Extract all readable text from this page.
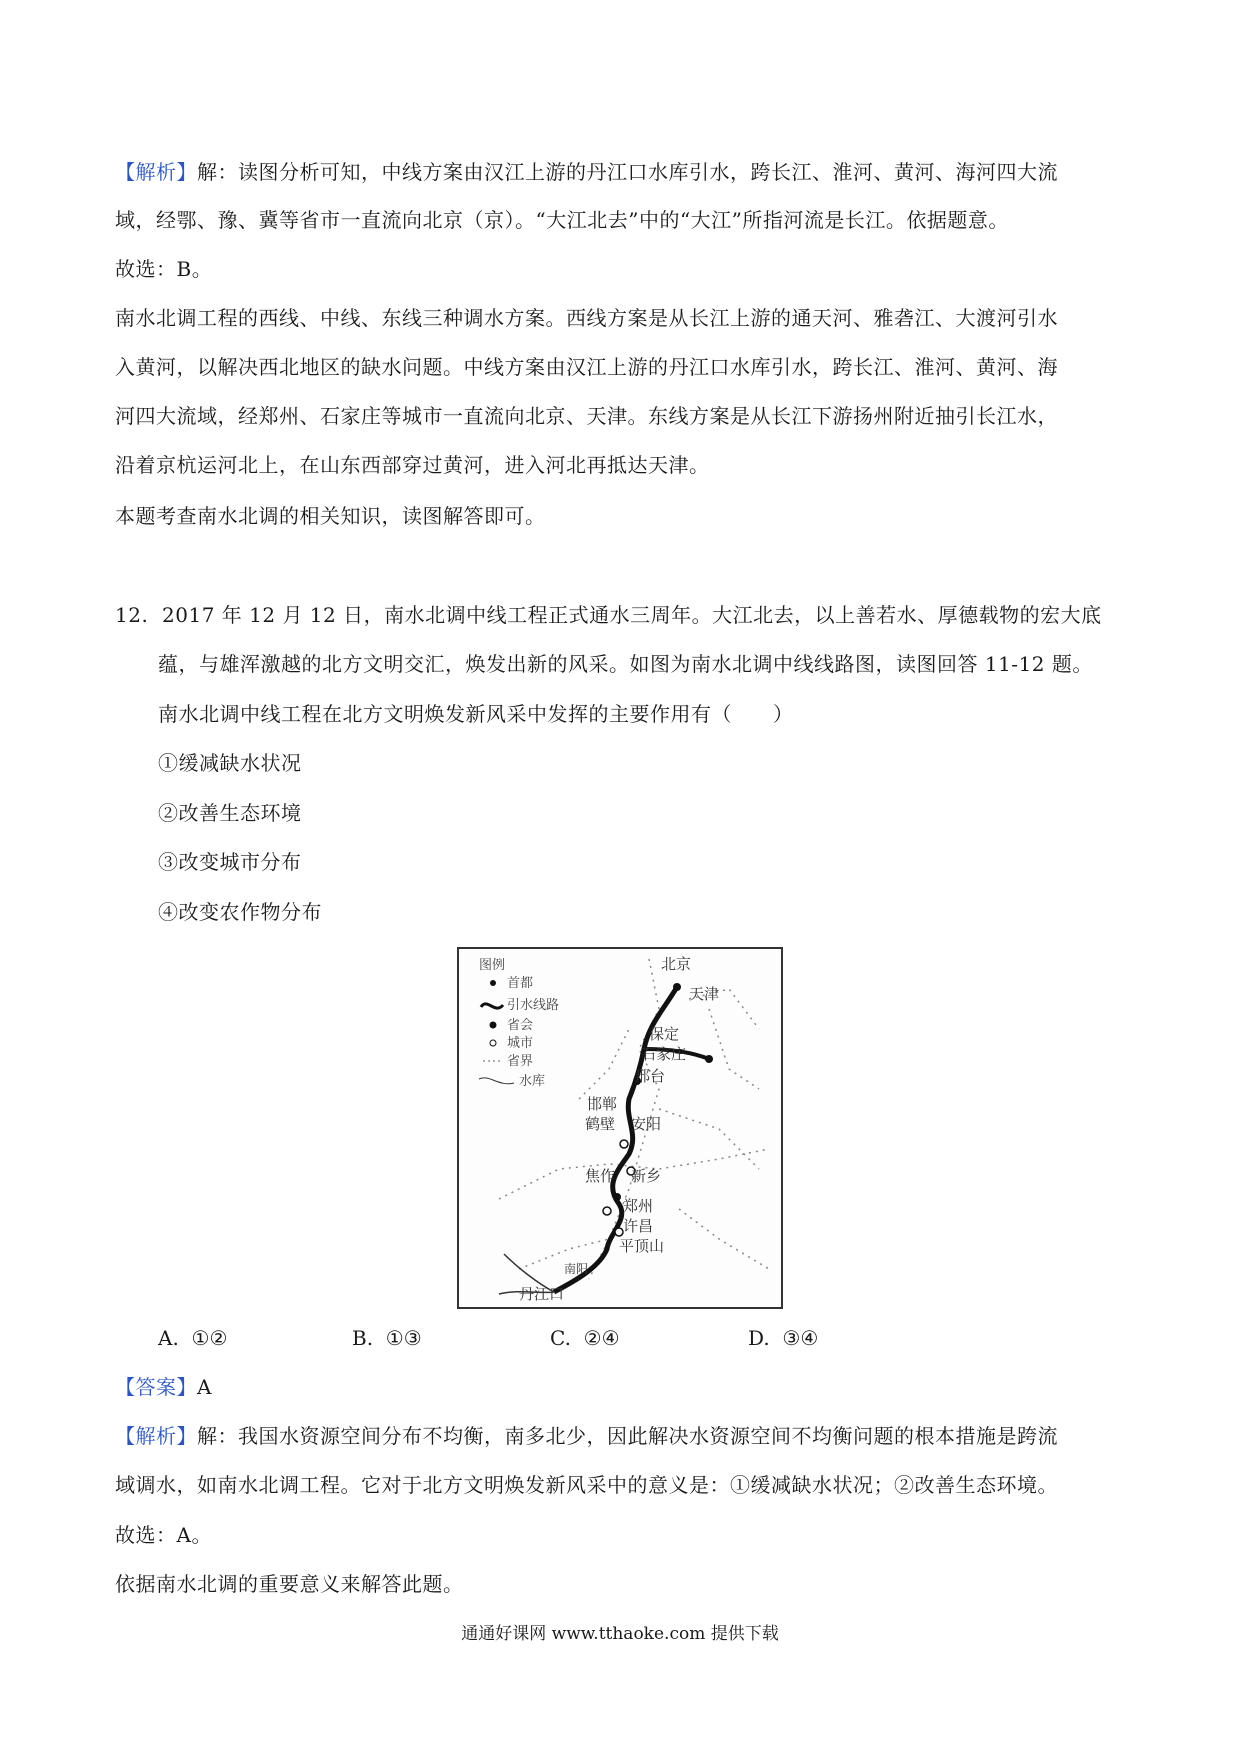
【解析】解：读图分析可知，中线方案由汉江上游的丹江口水库引水，跨长江、淮河、黄河、海河四大流
域，经鄂、豫、冀等省市一直流向北京（京）。“大江北去”中的“大江”所指河流是长江。依据题意。
故选：B。
南水北调工程的西线、中线、东线三种调水方案。西线方案是从长江上游的通天河、雅砻江、大渡河引水
入黄河，以解决西北地区的缺水问题。中线方案由汉江上游的丹江口水库引水，跨长江、淮河、黄河、海
河四大流域，经郑州、石家庄等城市一直流向北京、天津。东线方案是从长江下游扬州附近抽引长江水，
沿着京杭运河北上，在山东西部穿过黄河，进入河北再抵达天津。
本题考查南水北调的相关知识，读图解答即可。
12. 2017 年 12 月 12 日，南水北调中线工程正式通水三周年。大江北去，以上善若水、厚德载物的宏大底
蕴，与雄浑激越的北方文明交汇，焕发出新的风采。如图为南水北调中线线路图，读图回答 11-12 题。
南水北调中线工程在北方文明焕发新风采中发挥的主要作用有（　　）
①缓减缺水状况
②改善生态环境
③改变城市分布
④改变农作物分布
图例
首都
引水线路
省会
城市
省界
水库
北京
天津
保定
石家庄
邢台
邯郸
鹤壁 安阳
焦作 新乡
郑州
许昌
平顶山
南阳
丹江口
A. ①②	B. ①③	C. ②④	D. ③④
【答案】A
【解析】解：我国水资源空间分布不均衡，南多北少，因此解决水资源空间不均衡问题的根本措施是跨流
域调水，如南水北调工程。它对于北方文明焕发新风采中的意义是：①缓减缺水状况；②改善生态环境。
故选：A。
依据南水北调的重要意义来解答此题。
通通好课网 www.tthaoke.com 提供下载
